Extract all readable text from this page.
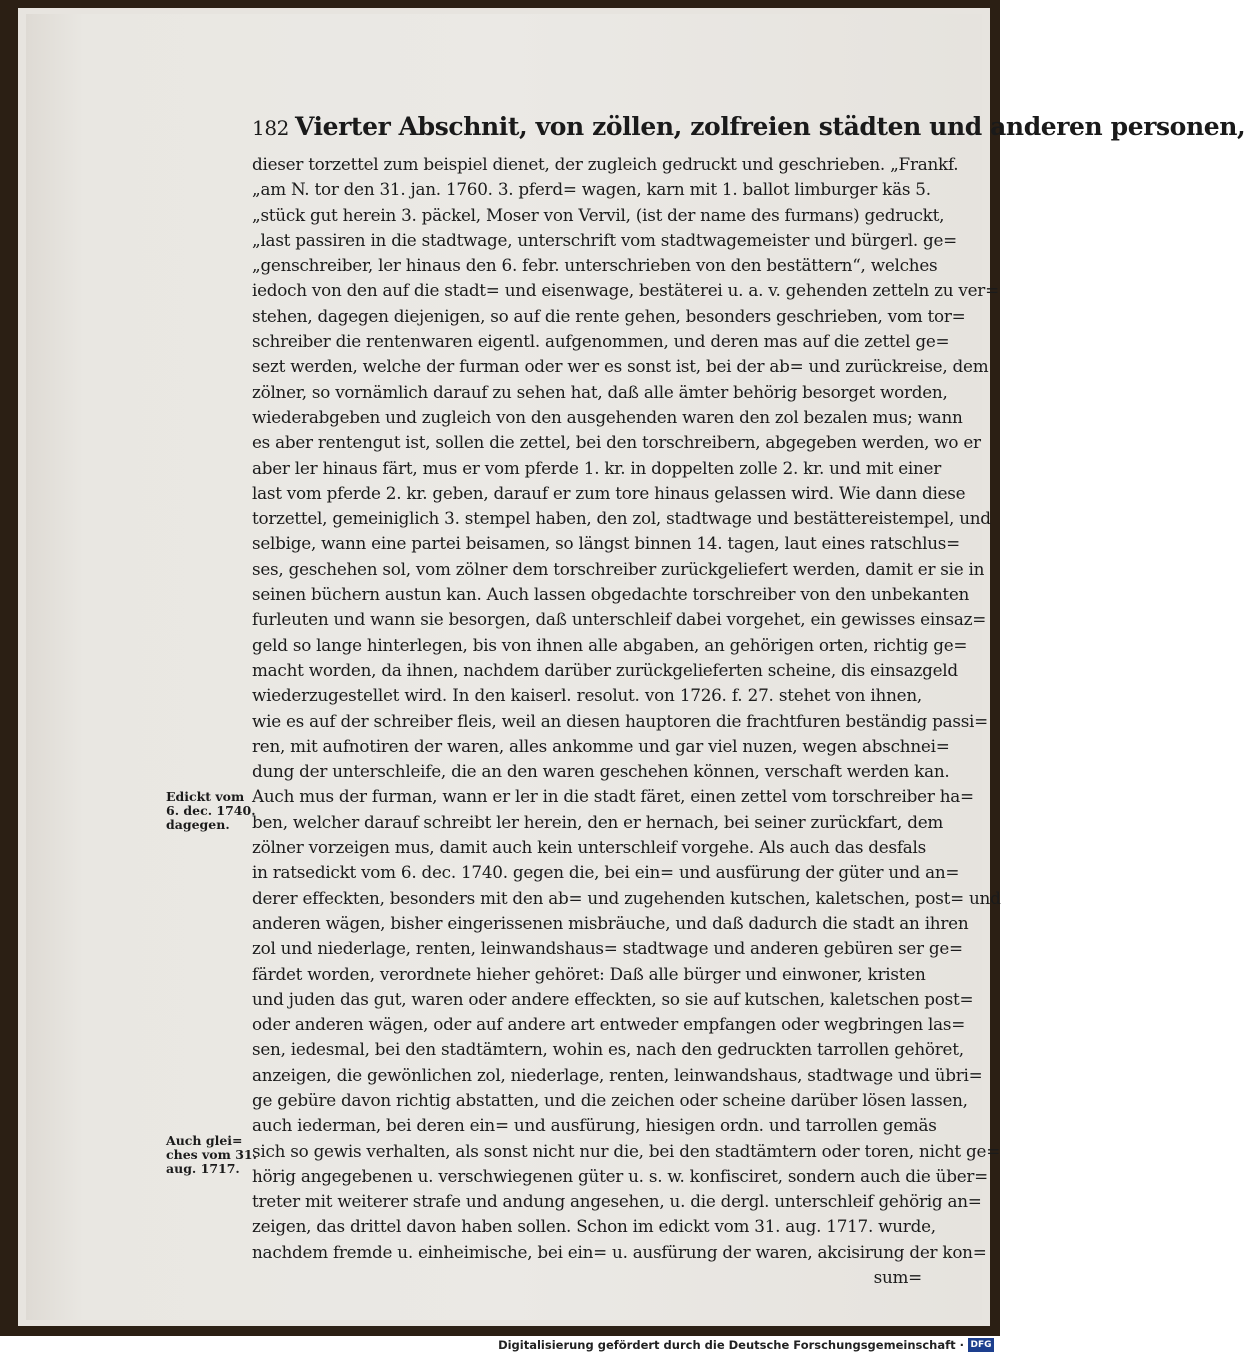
182 Vierter Abschnit, von zöllen, zolfreien städten und anderen personen,
dieser torzettel zum beispiel dienet, der zugleich gedruckt und geschrieben. „Frankf.
„am N. tor den 31. jan. 1760. 3. pferd= wagen, karn mit 1. ballot limburger käs 5.
„stück gut herein 3. päckel, Moser von Vervil, (ist der name des furmans) gedruckt,
„last passiren in die stadtwage, unterschrift vom stadtwagemeister und bürgerl. ge=
„genschreiber, ler hinaus den 6. febr. unterschrieben von den bestättern“, welches
iedoch von den auf die stadt= und eisenwage, bestäterei u. a. v. gehenden zetteln zu ver=
stehen, dagegen diejenigen, so auf die rente gehen, besonders geschrieben, vom tor=
schreiber die rentenwaren eigentl. aufgenommen, und deren mas auf die zettel ge=
sezt werden, welche der furman oder wer es sonst ist, bei der ab= und zurückreise, dem
zölner, so vornämlich darauf zu sehen hat, daß alle ämter behörig besorget worden,
wiederabgeben und zugleich von den ausgehenden waren den zol bezalen mus; wann
es aber rentengut ist, sollen die zettel, bei den torschreibern, abgegeben werden, wo er
aber ler hinaus färt, mus er vom pferde 1. kr. in doppelten zolle 2. kr. und mit einer
last vom pferde 2. kr. geben, darauf er zum tore hinaus gelassen wird. Wie dann diese
torzettel, gemeiniglich 3. stempel haben, den zol, stadtwage und bestättereistempel, und
selbige, wann eine partei beisamen, so längst binnen 14. tagen, laut eines ratschlus=
ses, geschehen sol, vom zölner dem torschreiber zurückgeliefert werden, damit er sie in
seinen büchern austun kan. Auch lassen obgedachte torschreiber von den unbekanten
furleuten und wann sie besorgen, daß unterschleif dabei vorgehet, ein gewisses einsaz=
geld so lange hinterlegen, bis von ihnen alle abgaben, an gehörigen orten, richtig ge=
macht worden, da ihnen, nachdem darüber zurückgelieferten scheine, dis einsazgeld
wiederzugestellet wird. In den kaiserl. resolut. von 1726. f. 27. stehet von ihnen,
wie es auf der schreiber fleis, weil an diesen hauptoren die frachtfuren beständig passi=
ren, mit aufnotiren der waren, alles ankomme und gar viel nuzen, wegen abschnei=
dung der unterschleife, die an den waren geschehen können, verschaft werden kan.
Auch mus der furman, wann er ler in die stadt färet, einen zettel vom torschreiber ha=
ben, welcher darauf schreibt ler herein, den er hernach, bei seiner zurückfart, dem
zölner vorzeigen mus, damit auch kein unterschleif vorgehe. Als auch das desfals
in ratsedickt vom 6. dec. 1740. gegen die, bei ein= und ausfürung der güter und an=
derer effeckten, besonders mit den ab= und zugehenden kutschen, kaletschen, post= und
anderen wägen, bisher eingerissenen misbräuche, und daß dadurch die stadt an ihren
zol und niederlage, renten, leinwandshaus= stadtwage und anderen gebüren ser ge=
färdet worden, verordnete hieher gehöret: Daß alle bürger und einwoner, kristen
und juden das gut, waren oder andere effeckten, so sie auf kutschen, kaletschen post=
oder anderen wägen, oder auf andere art entweder empfangen oder wegbringen las=
sen, iedesmal, bei den stadtämtern, wohin es, nach den gedruckten tarrollen gehöret,
anzeigen, die gewönlichen zol, niederlage, renten, leinwandshaus, stadtwage und übri=
ge gebüre davon richtig abstatten, und die zeichen oder scheine darüber lösen lassen,
auch iederman, bei deren ein= und ausfürung, hiesigen ordn. und tarrollen gemäs
sich so gewis verhalten, als sonst nicht nur die, bei den stadtämtern oder toren, nicht ge=
hörig angegebenen u. verschwiegenen güter u. s. w. konfisciret, sondern auch die über=
treter mit weiterer strafe und andung angesehen, u. die dergl. unterschleif gehörig an=
zeigen, das drittel davon haben sollen. Schon im edickt vom 31. aug. 1717. wurde,
nachdem fremde u. einheimische, bei ein= u. ausfürung der waren, akcisirung der kon=
sum=
Edickt vom
6. dec. 1740.
dagegen.
Auch glei=
ches vom 31.
aug. 1717.
Digitalisierung gefördert durch die Deutsche Forschungsgemeinschaft · DFG
